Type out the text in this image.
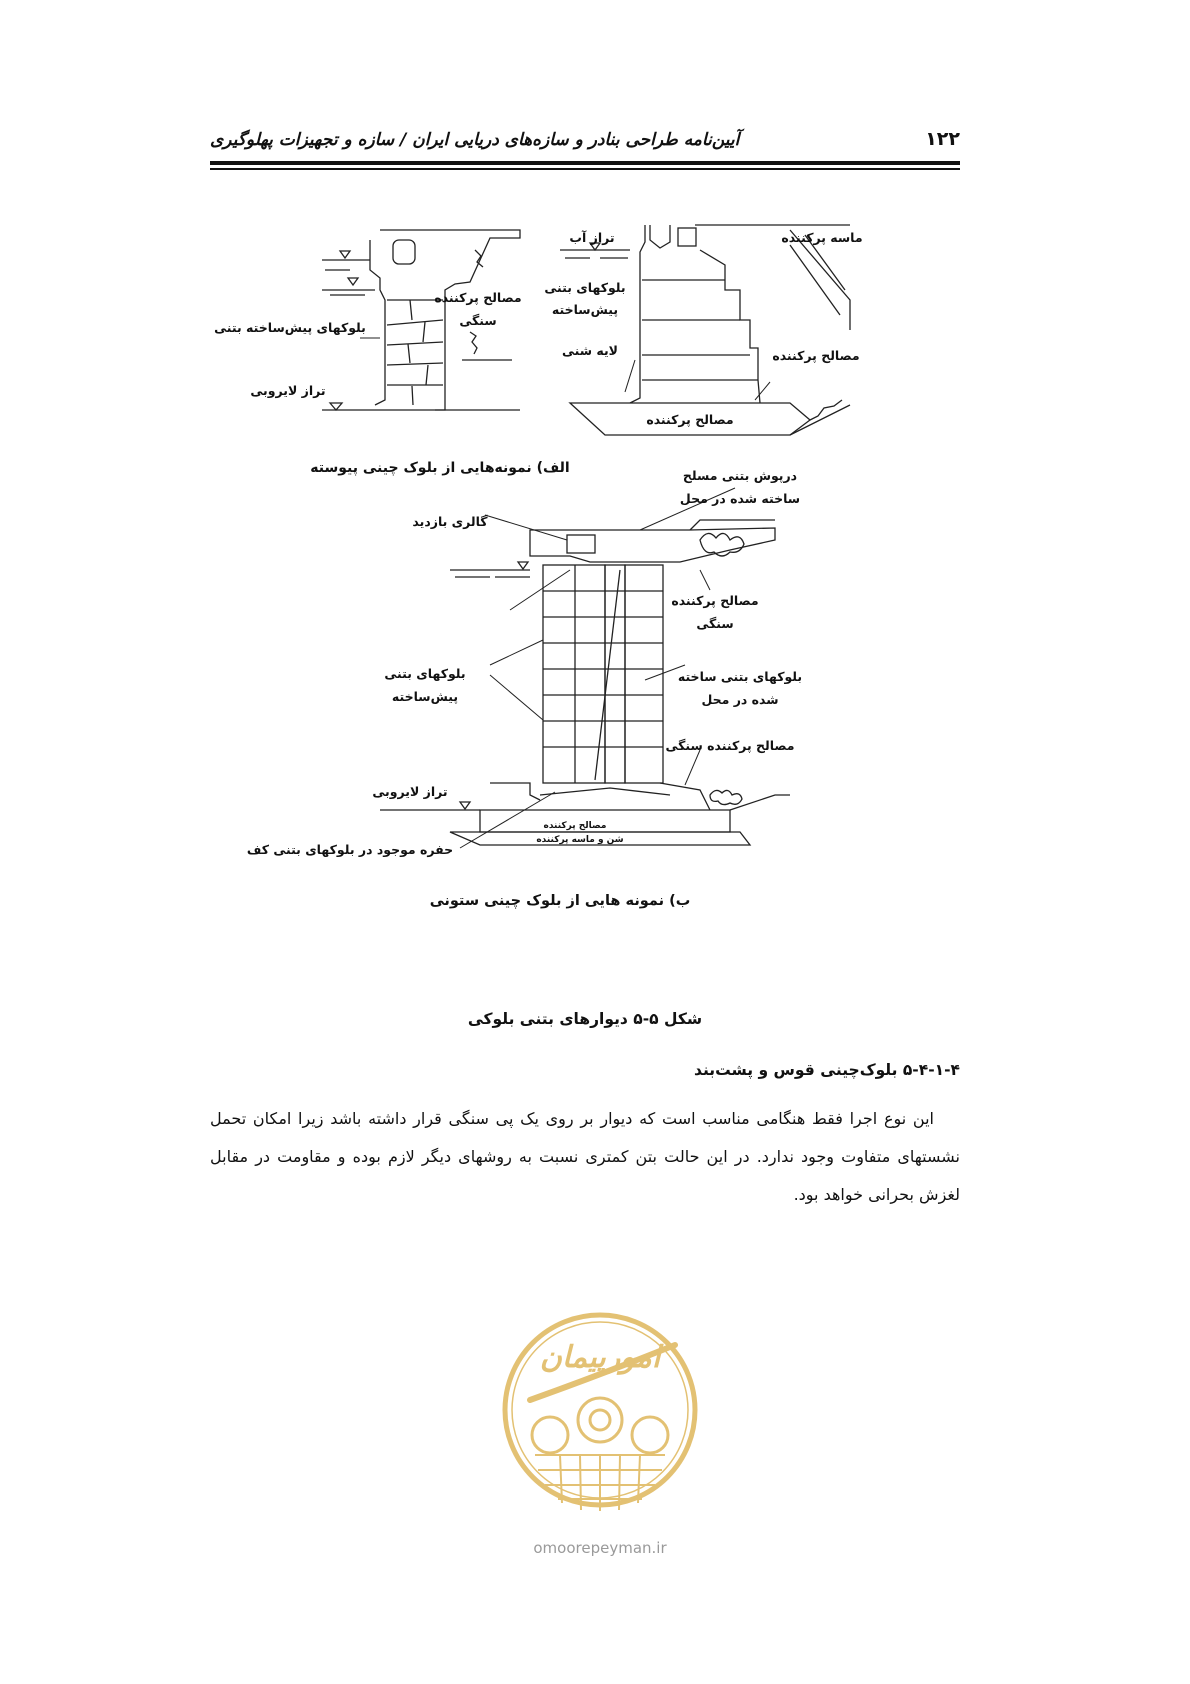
۱۲۲
آیین‌نامه طراحی بنادر و سازه‌های دریایی ایران / سازه و تجهیزات پهلوگیری
بلوکهای پیش‌ساخته بتنی
مصالح پرکننده
سنگی
تراز لایروبی
تراز آب	ماسه پرکننده
بلوکهای بتنی
پیش‌ساخته
لایه شنی	مصالح پرکننده
مصالح پرکننده
الف) نمونه‌هایی از بلوک چینی پیوسته	درپوش بتنی مسلح
ساخته شده در محل
گالری بازدید
مصالح پرکننده
سنگی
بلوکهای بتنی
پیش‌ساخته
بلوکهای بتنی ساخته
شده در محل
مصالح پرکننده سنگی
تراز لایروبی
مصالح پرکننده
شن و ماسه پرکننده
حفره موجود در بلوکهای بتنی کف
ب) نمونه هایی از بلوک چینی ستونی
شکل ۵-۵ دیوارهای بتنی بلوکی
۵-۴-۱-۴ بلوک‌چینی قوس و پشت‌بند
این نوع اجرا فقط هنگامی مناسب است که دیوار بر روی یک پی سنگی قرار داشته باشد زیرا امکان تحمل نشستهای متفاوت وجود ندارد. در این حالت بتن کمتری نسبت به روشهای دیگر لازم بوده و مقاومت در مقابل لغزش بحرانی خواهد بود.
امورپیمان
omoorepeyman.ir
